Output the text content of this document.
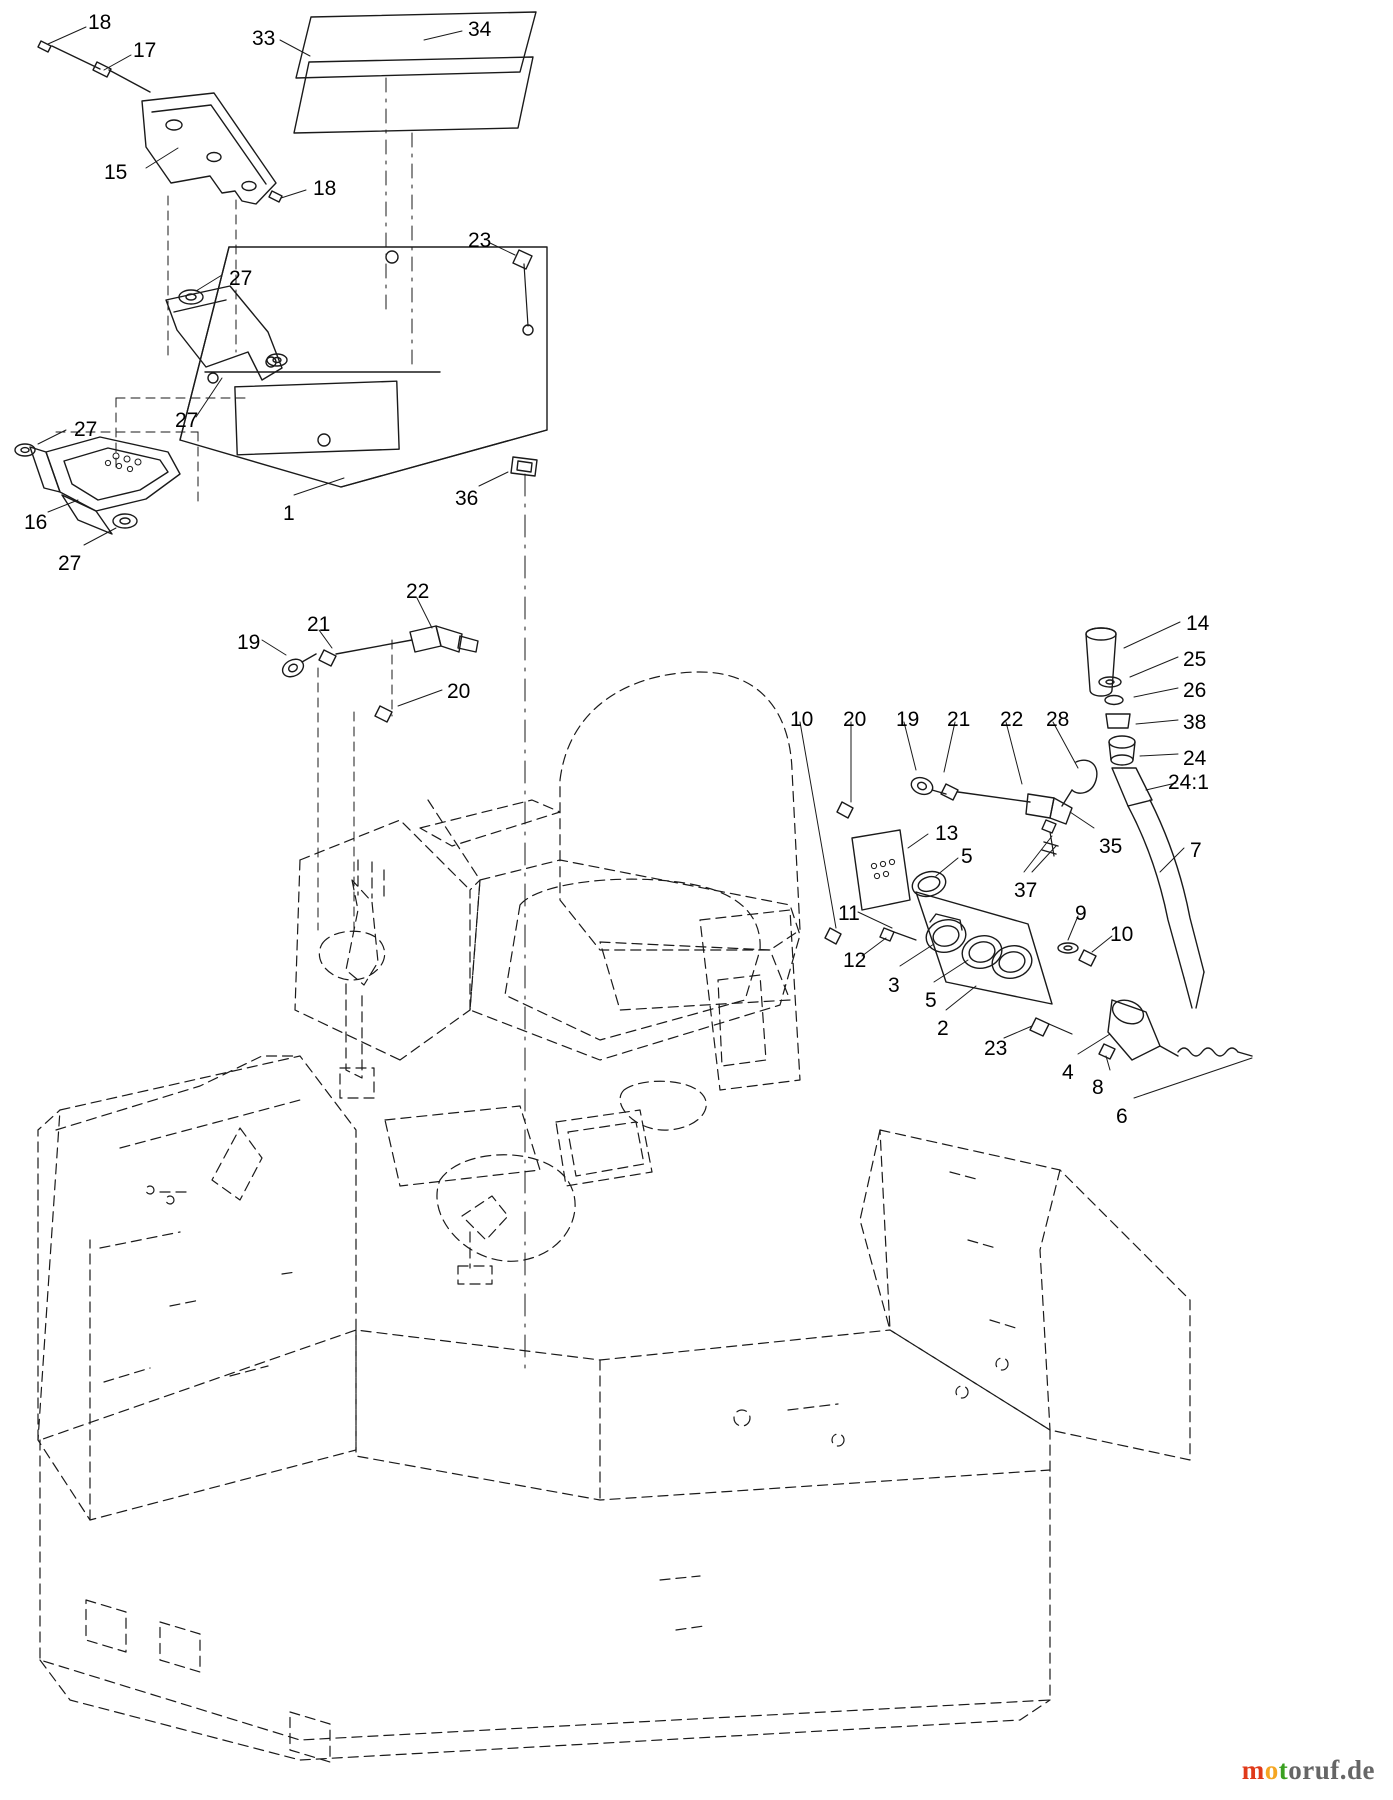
18
17
33	34
15
18
23
27
27
27
16
27
1
36
22
21
19
20
14
25
26
38
24
24:1
10 20 19 21 22 28
13
35
5
37
7
11	9
10
12
3
5
2
23
4
8
6
motoruf.de
